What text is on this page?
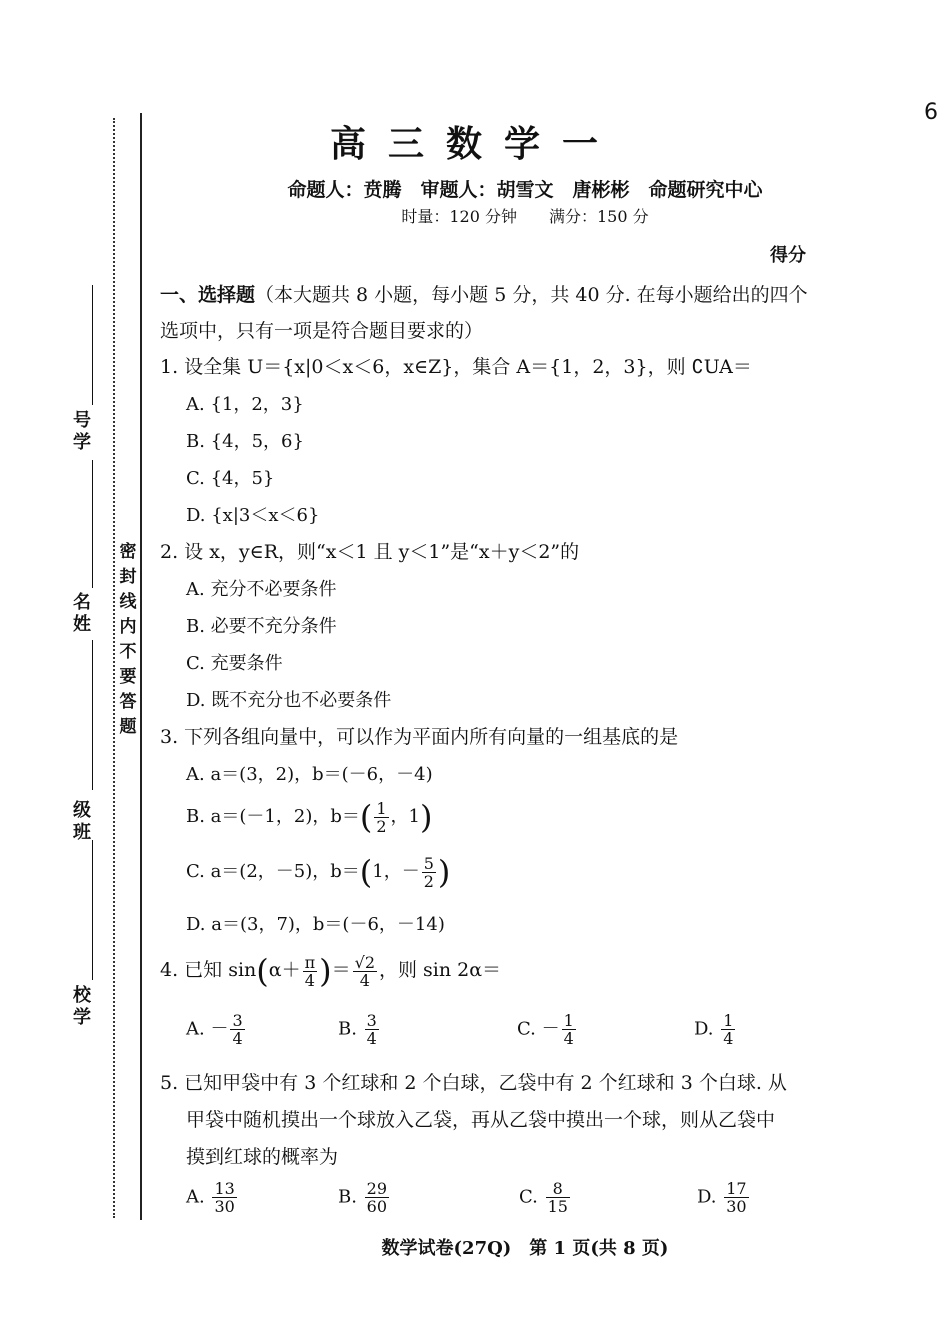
6
密
封
线
内
不
要
答
题
号
学
名
姓
级
班
校
学
高三数学一
命题人：贲腾　审题人：胡雪文　唐彬彬　命题研究中心
时量：120 分钟　　满分：150 分
得分
一、选择题（本大题共 8 小题，每小题 5 分，共 40 分. 在每小题给出的四个
选项中，只有一项是符合题目要求的）
1. 设全集 U＝{x|0＜x＜6，x∈Z}，集合 A＝{1，2，3}，则 ∁UA＝
A. {1，2，3}
B. {4，5，6}
C. {4，5}
D. {x|3＜x＜6}
2. 设 x，y∈R，则“x＜1 且 y＜1”是“x＋y＜2”的
A. 充分不必要条件
B. 必要不充分条件
C. 充要条件
D. 既不充分也不必要条件
3. 下列各组向量中，可以作为平面内所有向量的一组基底的是
A. a＝(3，2)，b＝(－6，－4)
B. a＝(－1，2)，$b=( \frac{1}{2}$ ，1)
C. a＝(2，－5)，b＝(1，－ $\frac{5}{2}$ )
D. a＝(3，7)，b＝(－6，－14)
4. 已知 $\sin(\alpha+ \frac{\pi}{4}$ )＝ $\frac{√2}{4}$ ，则 sin 2α＝
A. － $\frac{3}{4}$	B. $\frac{3}{4}$	C. － $\frac{1}{4}$	D. $\frac{1}{4}$
5. 已知甲袋中有 3 个红球和 2 个白球，乙袋中有 2 个红球和 3 个白球. 从
甲袋中随机摸出一个球放入乙袋，再从乙袋中摸出一个球，则从乙袋中
摸到红球的概率为
A. $\frac{13}{30}$	B. $\frac{29}{60}$	C. $\frac{8}{15}$	D. $\frac{17}{30}$
数学试卷(27Q)　第 1 页(共 8 页)
